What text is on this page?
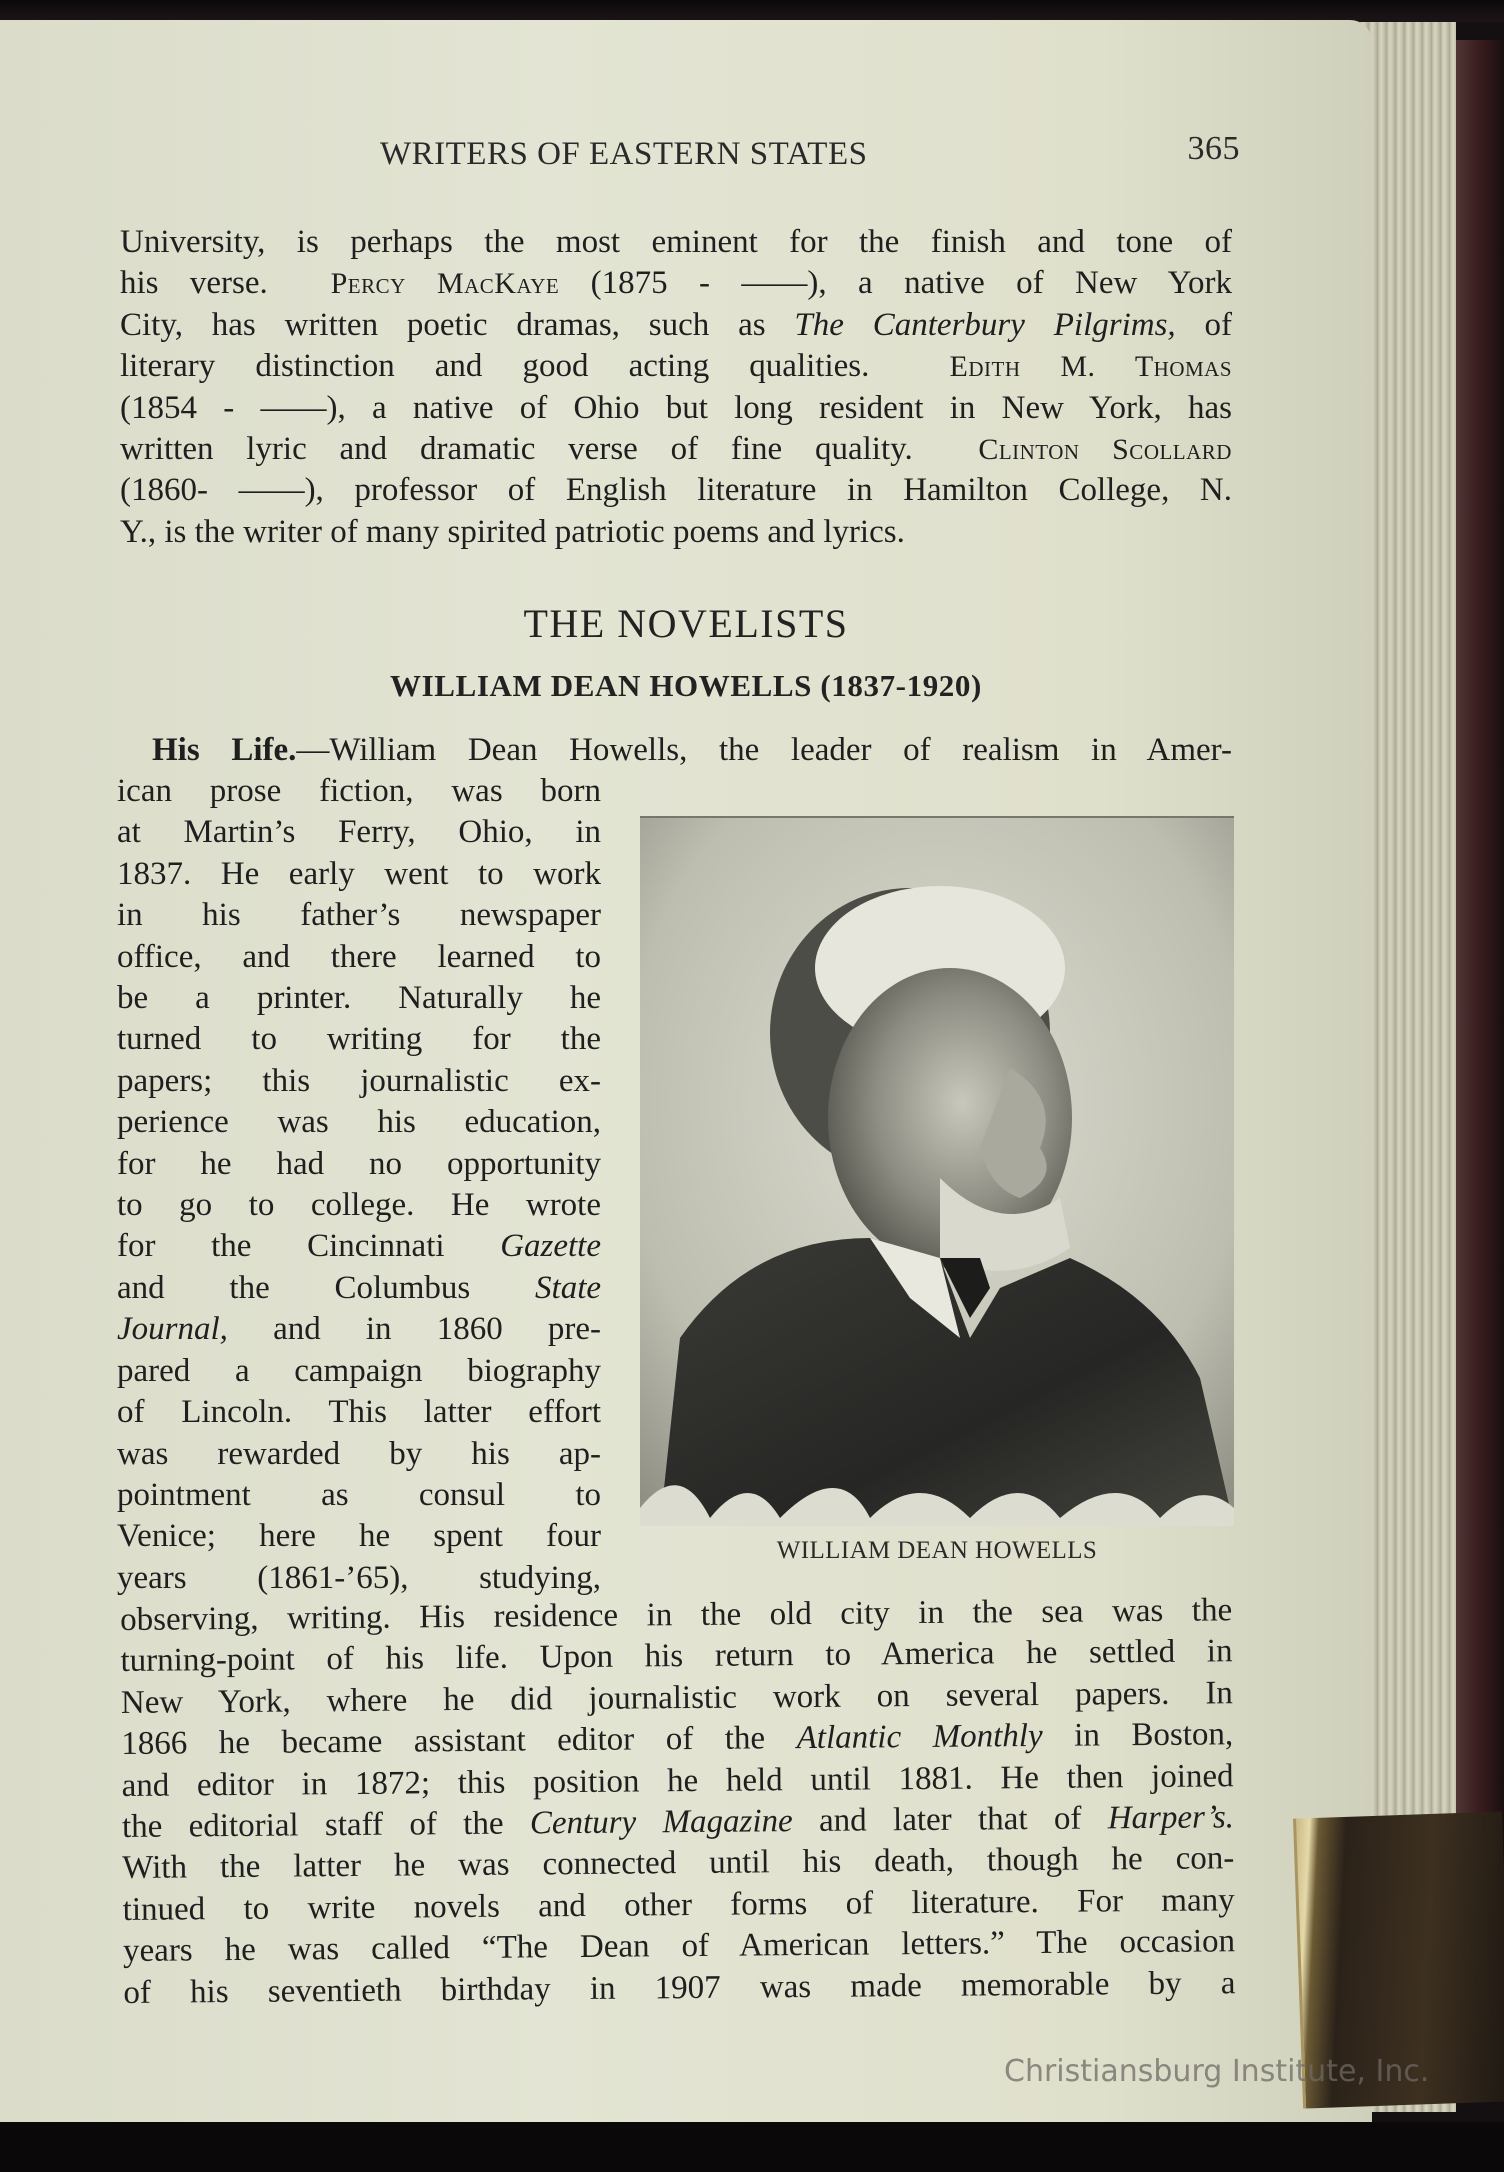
WRITERS OF EASTERN STATES	365
University, is perhaps the most eminent for the finish and tone of
his verse. Percy MacKaye (1875 - ——), a native of New York
City, has written poetic dramas, such as The Canterbury Pilgrims, of
literary distinction and good acting qualities.	Edith M. Thomas
(1854 - ——), a native of Ohio but long resident in New York, has
written lyric and dramatic verse of fine quality. Clinton Scollard
(1860- ——), professor of English literature in Hamilton College, N.
Y., is the writer of many spirited patriotic poems and lyrics.
THE NOVELISTS
WILLIAM DEAN HOWELLS (1837-1920)
His Life.—William Dean Howells, the leader of realism in Amer-
ican prose fiction, was born
at Martin’s Ferry, Ohio, in
1837. He early went to work
in his father’s newspaper
office, and there learned to
be a printer. Naturally he
turned to writing for the
papers; this journalistic ex-
perience was his education,
for he had no opportunity
to go to college. He wrote
for the Cincinnati Gazette
and the Columbus State
Journal, and in 1860 pre-
pared a campaign biography
of Lincoln. This latter effort
was rewarded by his ap-
pointment as consul to
Venice; here he spent four
years (1861-’65), studying,
WILLIAM DEAN HOWELLS
observing, writing. His residence in the old city in the sea was the
turning-point of his life. Upon his return to America he settled in
New York, where he did journalistic work on several papers. In
1866 he became assistant editor of the Atlantic Monthly in Boston,
and editor in 1872; this position he held until 1881. He then joined
the editorial staff of the Century Magazine and later that of Harper’s.
With the latter he was connected until his death, though he con-
tinued to write novels and other forms of literature. For many
years he was called “The Dean of American letters.” The occasion
of his seventieth birthday in 1907 was made memorable by a
Christiansburg Institute, Inc.
